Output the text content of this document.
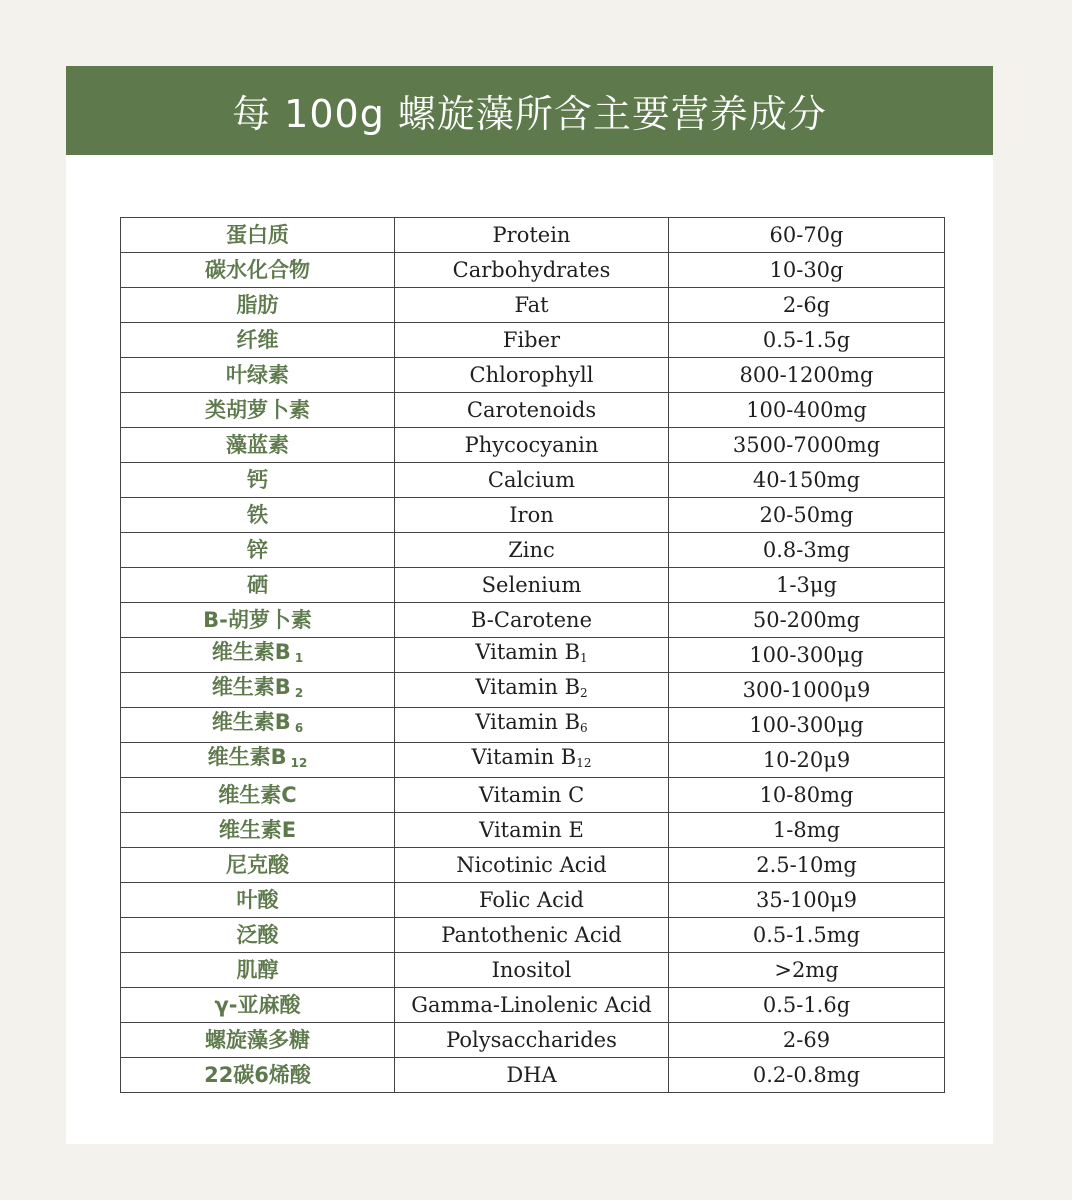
每 100g 螺旋藻所含主要营养成分
蛋白质	Protein	60-70g
碳水化合物	Carbohydrates	10-30g
脂肪	Fat	2-6g
纤维	Fiber	0.5-1.5g
叶绿素	Chlorophyll	800-1200mg
类胡萝卜素	Carotenoids	100-400mg
藻蓝素	Phycocyanin	3500-7000mg
钙	Calcium	40-150mg
铁	Iron	20-50mg
锌	Zinc	0.8-3mg
硒	Selenium	1-3μg
B-胡萝卜素	B-Carotene	50-200mg
维生素B $_1$	Vitamin $B_1$	100-300μg
维生素B $_2$	Vitamin $B_2$	300-1000μ9
维生素B $_6$	Vitamin $B_6$	100-300μg
维生素B $_{12}$	Vitamin $B_{12}$	10-20μ9
维生素C	Vitamin C	10-80mg
维生素E	Vitamin E	1-8mg
尼克酸	Nicotinic Acid	2.5-10mg
叶酸	Folic Acid	35-100μ9
泛酸	Pantothenic Acid	0.5-1.5mg
肌醇	Inositol	>2mg
γ-亚麻酸	Gamma-Linolenic Acid	0.5-1.6g
螺旋藻多糖	Polysaccharides	2-69
22碳6烯酸	DHA	0.2-0.8mg
